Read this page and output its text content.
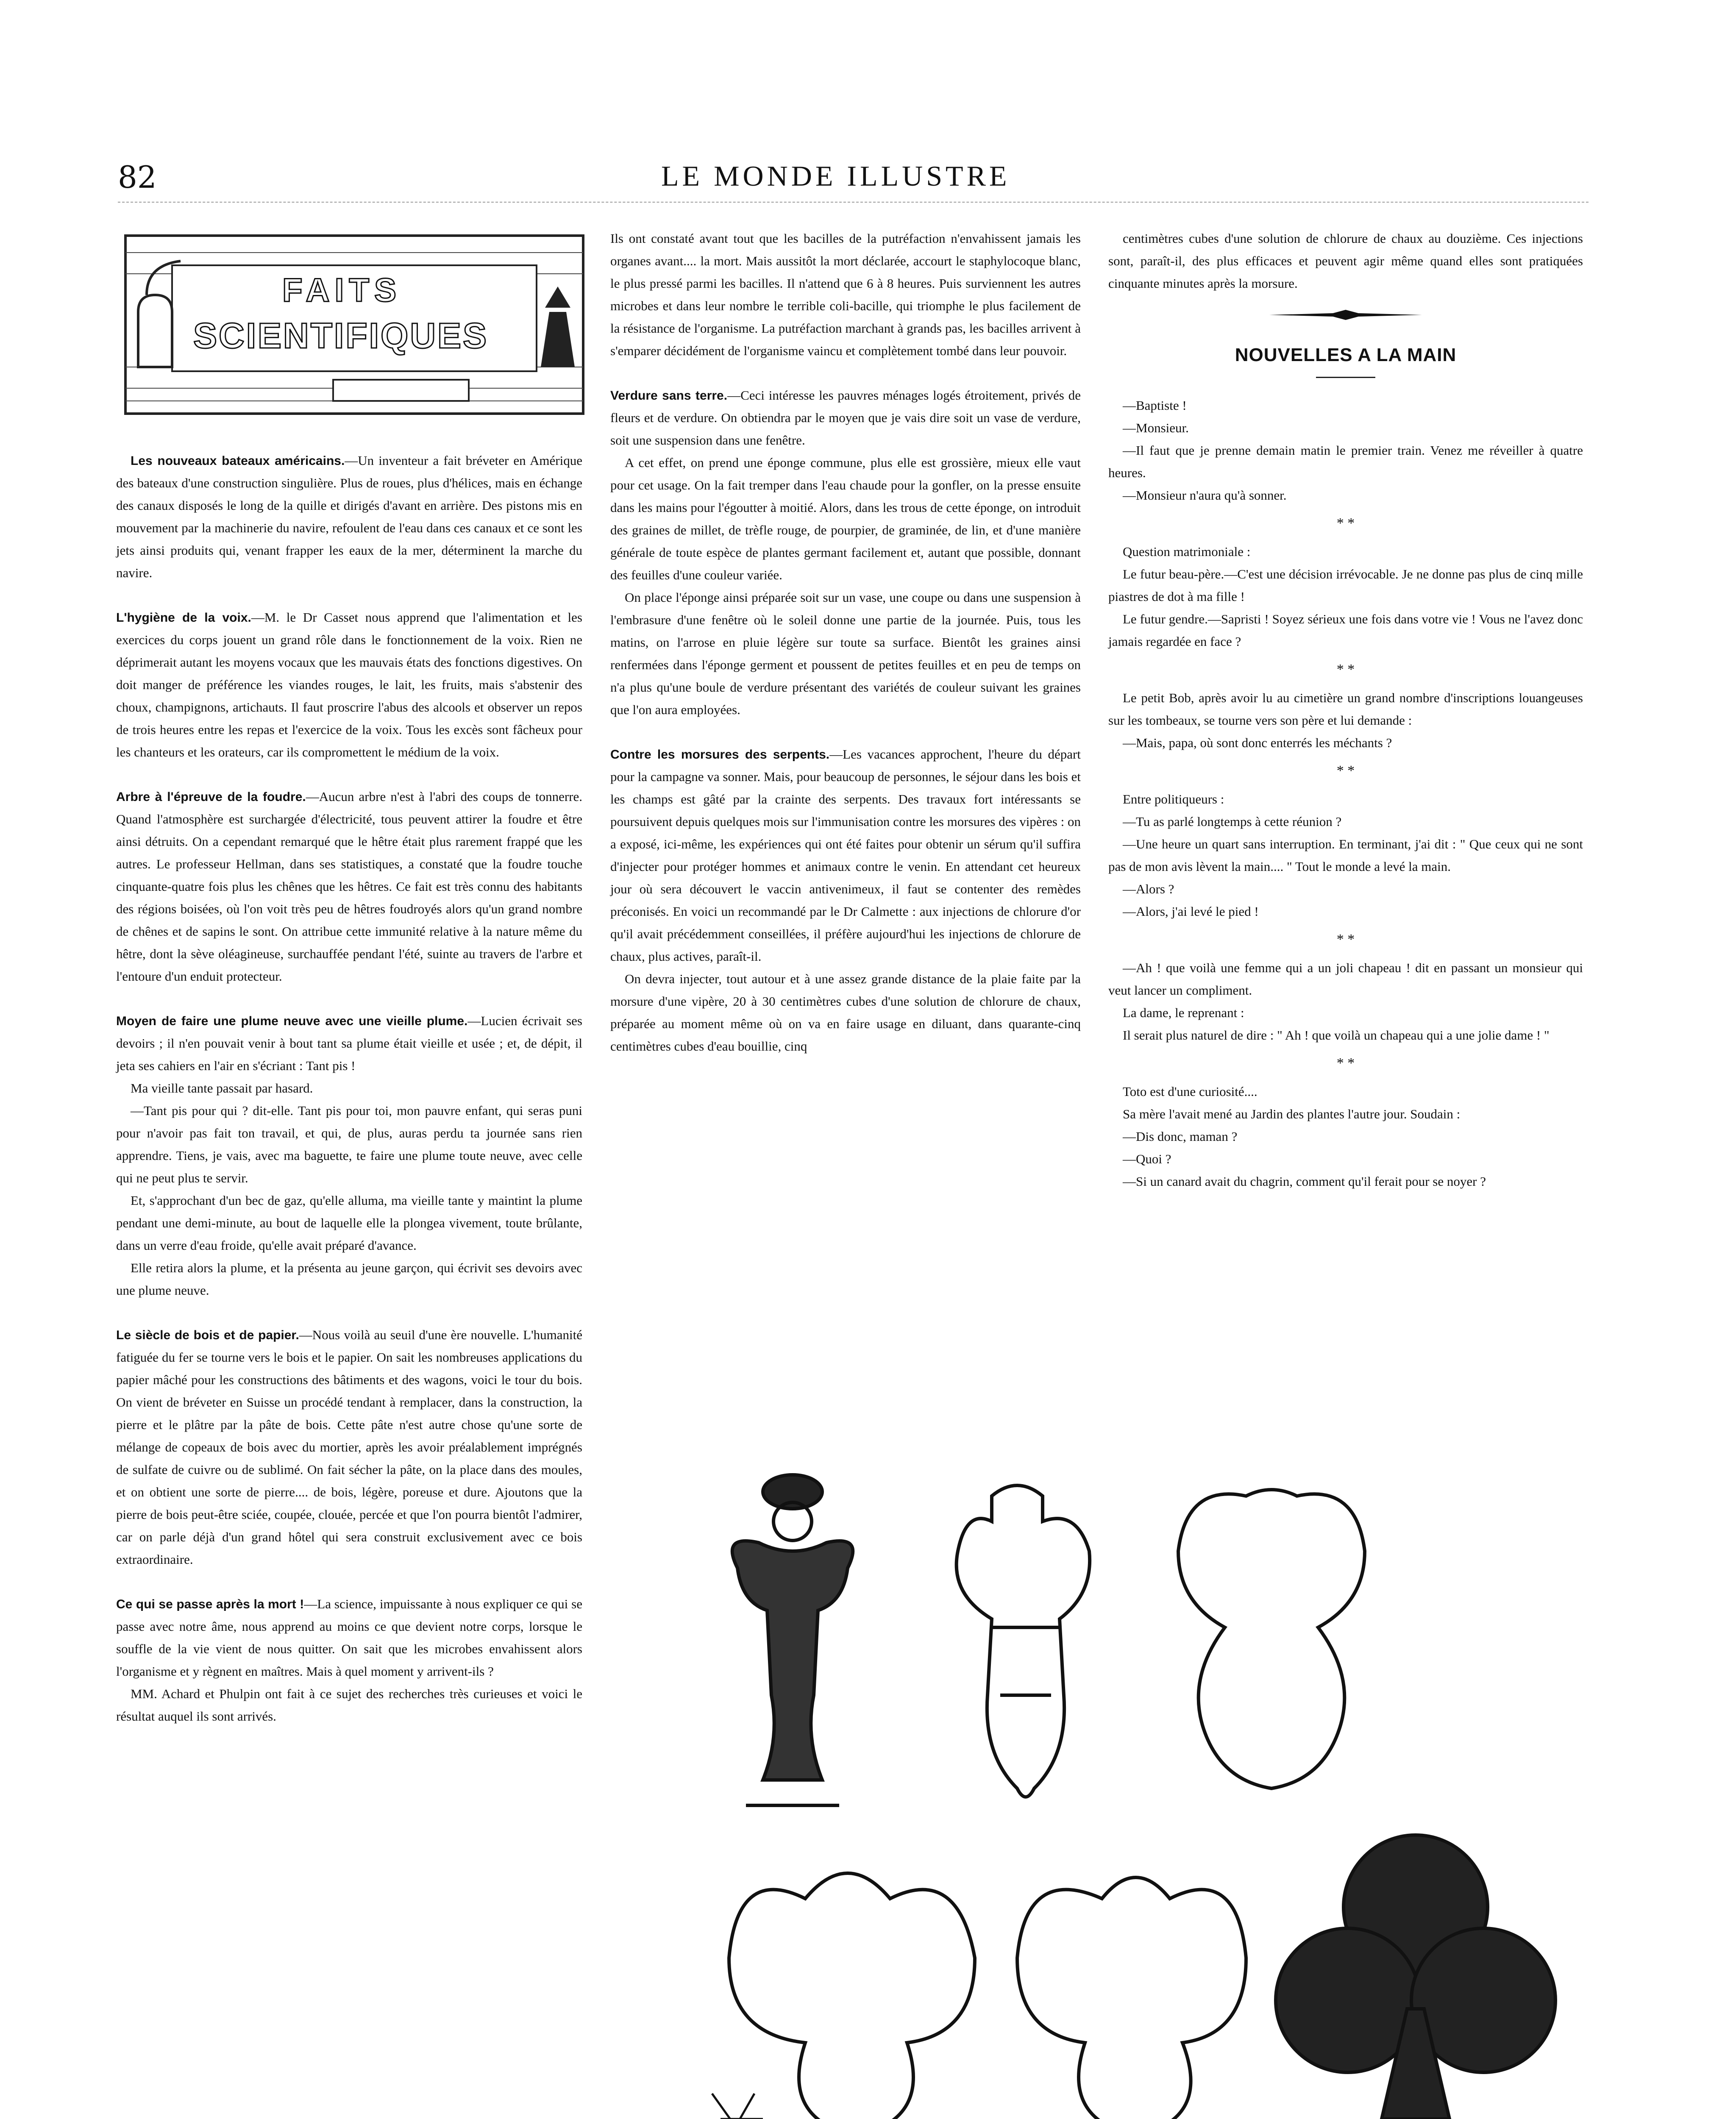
82	LE MONDE ILLUSTRE
FAITS
SCIENTIFIQUES

Les nouveaux bateaux américains.—Un inventeur a fait bréveter en Amérique des bateaux d'une construction singulière. Plus de roues, plus d'hélices, mais en échange des canaux disposés le long de la quille et dirigés d'avant en arrière. Des pistons mis en mouvement par la machinerie du navire, refoulent de l'eau dans ces canaux et ce sont les jets ainsi produits qui, venant frapper les eaux de la mer, déterminent la marche du navire.

L'hygiène de la voix.—M. le Dr Casset nous apprend que l'alimentation et les exercices du corps jouent un grand rôle dans le fonctionnement de la voix. Rien ne déprimerait autant les moyens vocaux que les mauvais états des fonctions digestives. On doit manger de préférence les viandes rouges, le lait, les fruits, mais s'abstenir des choux, champignons, artichauts. Il faut proscrire l'abus des alcools et observer un repos de trois heures entre les repas et l'exercice de la voix. Tous les excès sont fâcheux pour les chanteurs et les orateurs, car ils compromettent le médium de la voix.

Arbre à l'épreuve de la foudre.—Aucun arbre n'est à l'abri des coups de tonnerre. Quand l'atmosphère est surchargée d'électricité, tous peuvent attirer la foudre et être ainsi détruits. On a cependant remarqué que le hêtre était plus rarement frappé que les autres. Le professeur Hellman, dans ses statistiques, a constaté que la foudre touche cinquante-quatre fois plus les chênes que les hêtres. Ce fait est très connu des habitants des régions boisées, où l'on voit très peu de hêtres foudroyés alors qu'un grand nombre de chênes et de sapins le sont. On attribue cette immunité relative à la nature même du hêtre, dont la sève oléagineuse, surchauffée pendant l'été, suinte au travers de l'arbre et l'entoure d'un enduit protecteur.

Moyen de faire une plume neuve avec une vieille plume.—Lucien écrivait ses devoirs ; il n'en pouvait venir à bout tant sa plume était vieille et usée ; et, de dépit, il jeta ses cahiers en l'air en s'écriant : Tant pis !

Ma vieille tante passait par hasard.

—Tant pis pour qui ? dit-elle. Tant pis pour toi, mon pauvre enfant, qui seras puni pour n'avoir pas fait ton travail, et qui, de plus, auras perdu ta journée sans rien apprendre. Tiens, je vais, avec ma baguette, te faire une plume toute neuve, avec celle qui ne peut plus te servir.

Et, s'approchant d'un bec de gaz, qu'elle alluma, ma vieille tante y maintint la plume pendant une demi-minute, au bout de laquelle elle la plongea vivement, toute brûlante, dans un verre d'eau froide, qu'elle avait préparé d'avance.

Elle retira alors la plume, et la présenta au jeune garçon, qui écrivit ses devoirs avec une plume neuve.

Le siècle de bois et de papier.—Nous voilà au seuil d'une ère nouvelle. L'humanité fatiguée du fer se tourne vers le bois et le papier. On sait les nombreuses applications du papier mâché pour les constructions des bâtiments et des wagons, voici le tour du bois. On vient de bréveter en Suisse un procédé tendant à remplacer, dans la construction, la pierre et le plâtre par la pâte de bois. Cette pâte n'est autre chose qu'une sorte de mélange de copeaux de bois avec du mortier, après les avoir préalablement imprégnés de sulfate de cuivre ou de sublimé. On fait sécher la pâte, on la place dans des moules, et on obtient une sorte de pierre.... de bois, légère, poreuse et dure. Ajoutons que la pierre de bois peut-être sciée, coupée, clouée, percée et que l'on pourra bientôt l'admirer, car on parle déjà d'un grand hôtel qui sera construit exclusivement avec ce bois extraordinaire.

Ce qui se passe après la mort !—La science, impuissante à nous expliquer ce qui se passe avec notre âme, nous apprend au moins ce que devient notre corps, lorsque le souffle de la vie vient de nous quitter. On sait que les microbes envahissent alors l'organisme et y règnent en maîtres. Mais à quel moment y arrivent-ils ?

MM. Achard et Phulpin ont fait à ce sujet des recherches très curieuses et voici le résultat auquel ils sont arrivés.

Ils ont constaté avant tout que les bacilles de la putréfaction n'envahissent jamais les organes avant.... la mort. Mais aussitôt la mort déclarée, accourt le staphylocoque blanc, le plus pressé parmi les bacilles. Il n'attend que 6 à 8 heures. Puis surviennent les autres microbes et dans leur nombre le terrible coli-bacille, qui triomphe le plus facilement de la résistance de l'organisme. La putréfaction marchant à grands pas, les bacilles arrivent à s'emparer décidément de l'organisme vaincu et complètement tombé dans leur pouvoir.

Verdure sans terre.—Ceci intéresse les pauvres ménages logés étroitement, privés de fleurs et de verdure. On obtiendra par le moyen que je vais dire soit un vase de verdure, soit une suspension dans une fenêtre.

A cet effet, on prend une éponge commune, plus elle est grossière, mieux elle vaut pour cet usage. On la fait tremper dans l'eau chaude pour la gonfler, on la presse ensuite dans les mains pour l'égoutter à moitié. Alors, dans les trous de cette éponge, on introduit des graines de millet, de trèfle rouge, de pourpier, de graminée, de lin, et d'une manière générale de toute espèce de plantes germant facilement et, autant que possible, donnant des feuilles d'une couleur variée.

On place l'éponge ainsi préparée soit sur un vase, une coupe ou dans une suspension à l'embrasure d'une fenêtre où le soleil donne une partie de la journée. Puis, tous les matins, on l'arrose en pluie légère sur toute sa surface. Bientôt les graines ainsi renfermées dans l'éponge germent et poussent de petites feuilles et en peu de temps on n'a plus qu'une boule de verdure présentant des variétés de couleur suivant les graines que l'on aura employées.

Contre les morsures des serpents.—Les vacances approchent, l'heure du départ pour la campagne va sonner. Mais, pour beaucoup de personnes, le séjour dans les bois et les champs est gâté par la crainte des serpents. Des travaux fort intéressants se poursuivent depuis quelques mois sur l'immunisation contre les morsures des vipères : on a exposé, ici-même, les expériences qui ont été faites pour obtenir un sérum qu'il suffira d'injecter pour protéger hommes et animaux contre le venin. En attendant cet heureux jour où sera découvert le vaccin antivenimeux, il faut se contenter des remèdes préconisés. En voici un recommandé par le Dr Calmette : aux injections de chlorure d'or qu'il avait précédemment conseillées, il préfère aujourd'hui les injections de chlorure de chaux, plus actives, paraît-il.

On devra injecter, tout autour et à une assez grande distance de la plaie faite par la morsure d'une vipère, 20 à 30 centimètres cubes d'une solution de chlorure de chaux, préparée au moment même où on va en faire usage en diluant, dans quarante-cinq centimètres cubes d'eau bouillie, cinq

centimètres cubes d'une solution de chlorure de chaux au douzième. Ces injections sont, paraît-il, des plus efficaces et peuvent agir même quand elles sont pratiquées cinquante minutes après la morsure.

NOUVELLES A LA MAIN

—Baptiste !

—Monsieur.

—Il faut que je prenne demain matin le premier train. Venez me réveiller à quatre heures.

—Monsieur n'aura qu'à sonner.

* *

Question matrimoniale :

Le futur beau-père.—C'est une décision irrévocable. Je ne donne pas plus de cinq mille piastres de dot à ma fille !

Le futur gendre.—Sapristi ! Soyez sérieux une fois dans votre vie ! Vous ne l'avez donc jamais regardée en face ?

* *

Le petit Bob, après avoir lu au cimetière un grand nombre d'inscriptions louangeuses sur les tombeaux, se tourne vers son père et lui demande :

—Mais, papa, où sont donc enterrés les méchants ?

* *

Entre politiqueurs :

—Tu as parlé longtemps à cette réunion ?

—Une heure un quart sans interruption. En terminant, j'ai dit : " Que ceux qui ne sont pas de mon avis lèvent la main.... " Tout le monde a levé la main.

—Alors ?

—Alors, j'ai levé le pied !

* *

—Ah ! que voilà une femme qui a un joli chapeau ! dit en passant un monsieur qui veut lancer un compliment.

La dame, le reprenant :

Il serait plus naturel de dire : " Ah ! que voilà un chapeau qui a une jolie dame ! "

* *

Toto est d'une curiosité....

Sa mère l'avait mené au Jardin des plantes l'autre jour. Soudain :

—Dis donc, maman ?

—Quoi ?

—Si un canard avait du chagrin, comment qu'il ferait pour se noyer ?
